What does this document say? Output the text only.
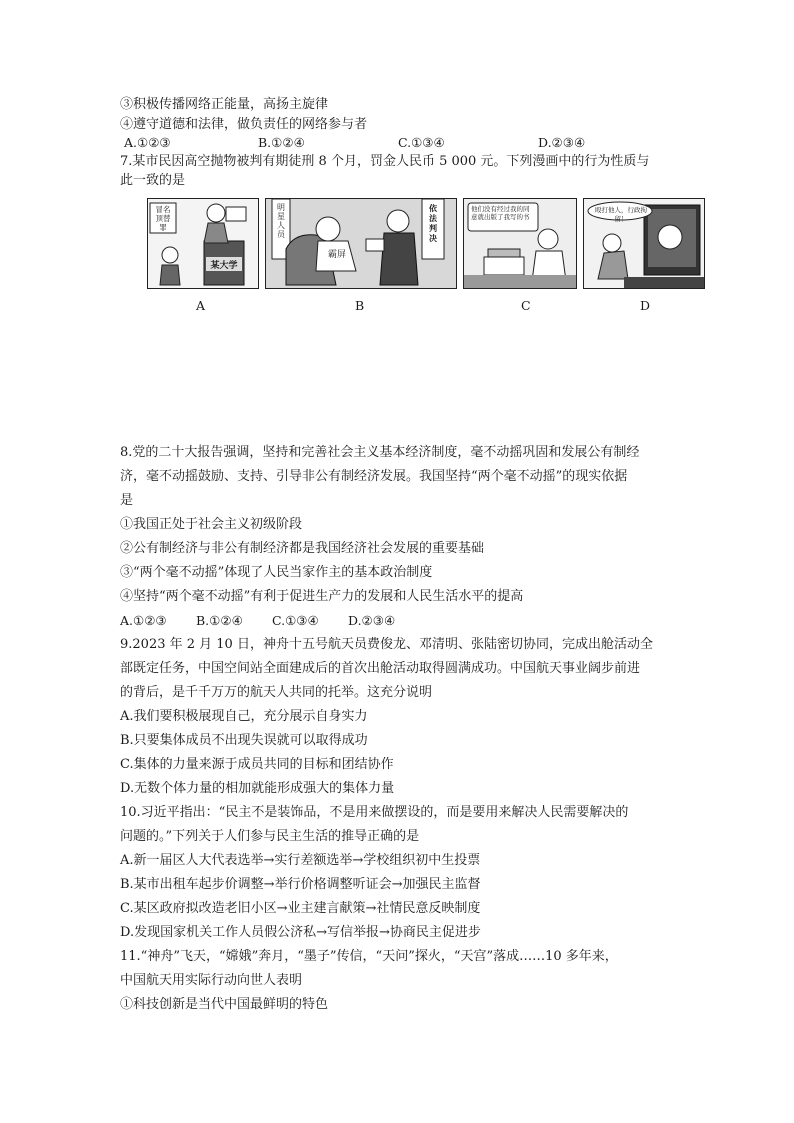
③积极传播网络正能量，高扬主旋律
④遵守道德和法律，做负责任的网络参与者
A.①②③	B.①②④	C.①③④	D.②③④
7.某市民因高空抛物被判有期徒刑 8 个月，罚金人民币 5 000 元。下列漫画中的行为性质与
此一致的是
冒名顶替罪
某大学
明星人员
依法判决
霸屏
他们没有经过我的同意就出版了我写的书
殴打他人，行政拘留！
A	B	C	D
8.党的二十大报告强调，坚持和完善社会主义基本经济制度，毫不动摇巩固和发展公有制经
济，毫不动摇鼓励、支持、引导非公有制经济发展。我国坚持“两个毫不动摇”的现实依据
是
①我国正处于社会主义初级阶段
②公有制经济与非公有制经济都是我国经济社会发展的重要基础
③“两个毫不动摇”体现了人民当家作主的基本政治制度
④坚持“两个毫不动摇”有利于促进生产力的发展和人民生活水平的提高
A.①②③ B.①②④ C.①③④ D.②③④
9.2023 年 2 月 10 日，神舟十五号航天员费俊龙、邓清明、张陆密切协同，完成出舱活动全
部既定任务，中国空间站全面建成后的首次出舱活动取得圆满成功。中国航天事业阔步前进
的背后，是千千万万的航天人共同的托举。这充分说明
A.我们要积极展现自己，充分展示自身实力
B.只要集体成员不出现失误就可以取得成功
C.集体的力量来源于成员共同的目标和团结协作
D.无数个体力量的相加就能形成强大的集体力量
10.习近平指出：“民主不是装饰品，不是用来做摆设的，而是要用来解决人民需要解决的
问题的。”下列关于人们参与民主生活的推导正确的是
A.新一届区人大代表选举→实行差额选举→学校组织初中生投票
B.某市出租车起步价调整→举行价格调整听证会→加强民主监督
C.某区政府拟改造老旧小区→业主建言献策→社情民意反映制度
D.发现国家机关工作人员假公济私→写信举报→协商民主促进步
11.“神舟”飞天，“嫦娥”奔月，“墨子”传信，“天问”探火，“天宫”落成……10 多年来，
中国航天用实际行动向世人表明
①科技创新是当代中国最鲜明的特色
